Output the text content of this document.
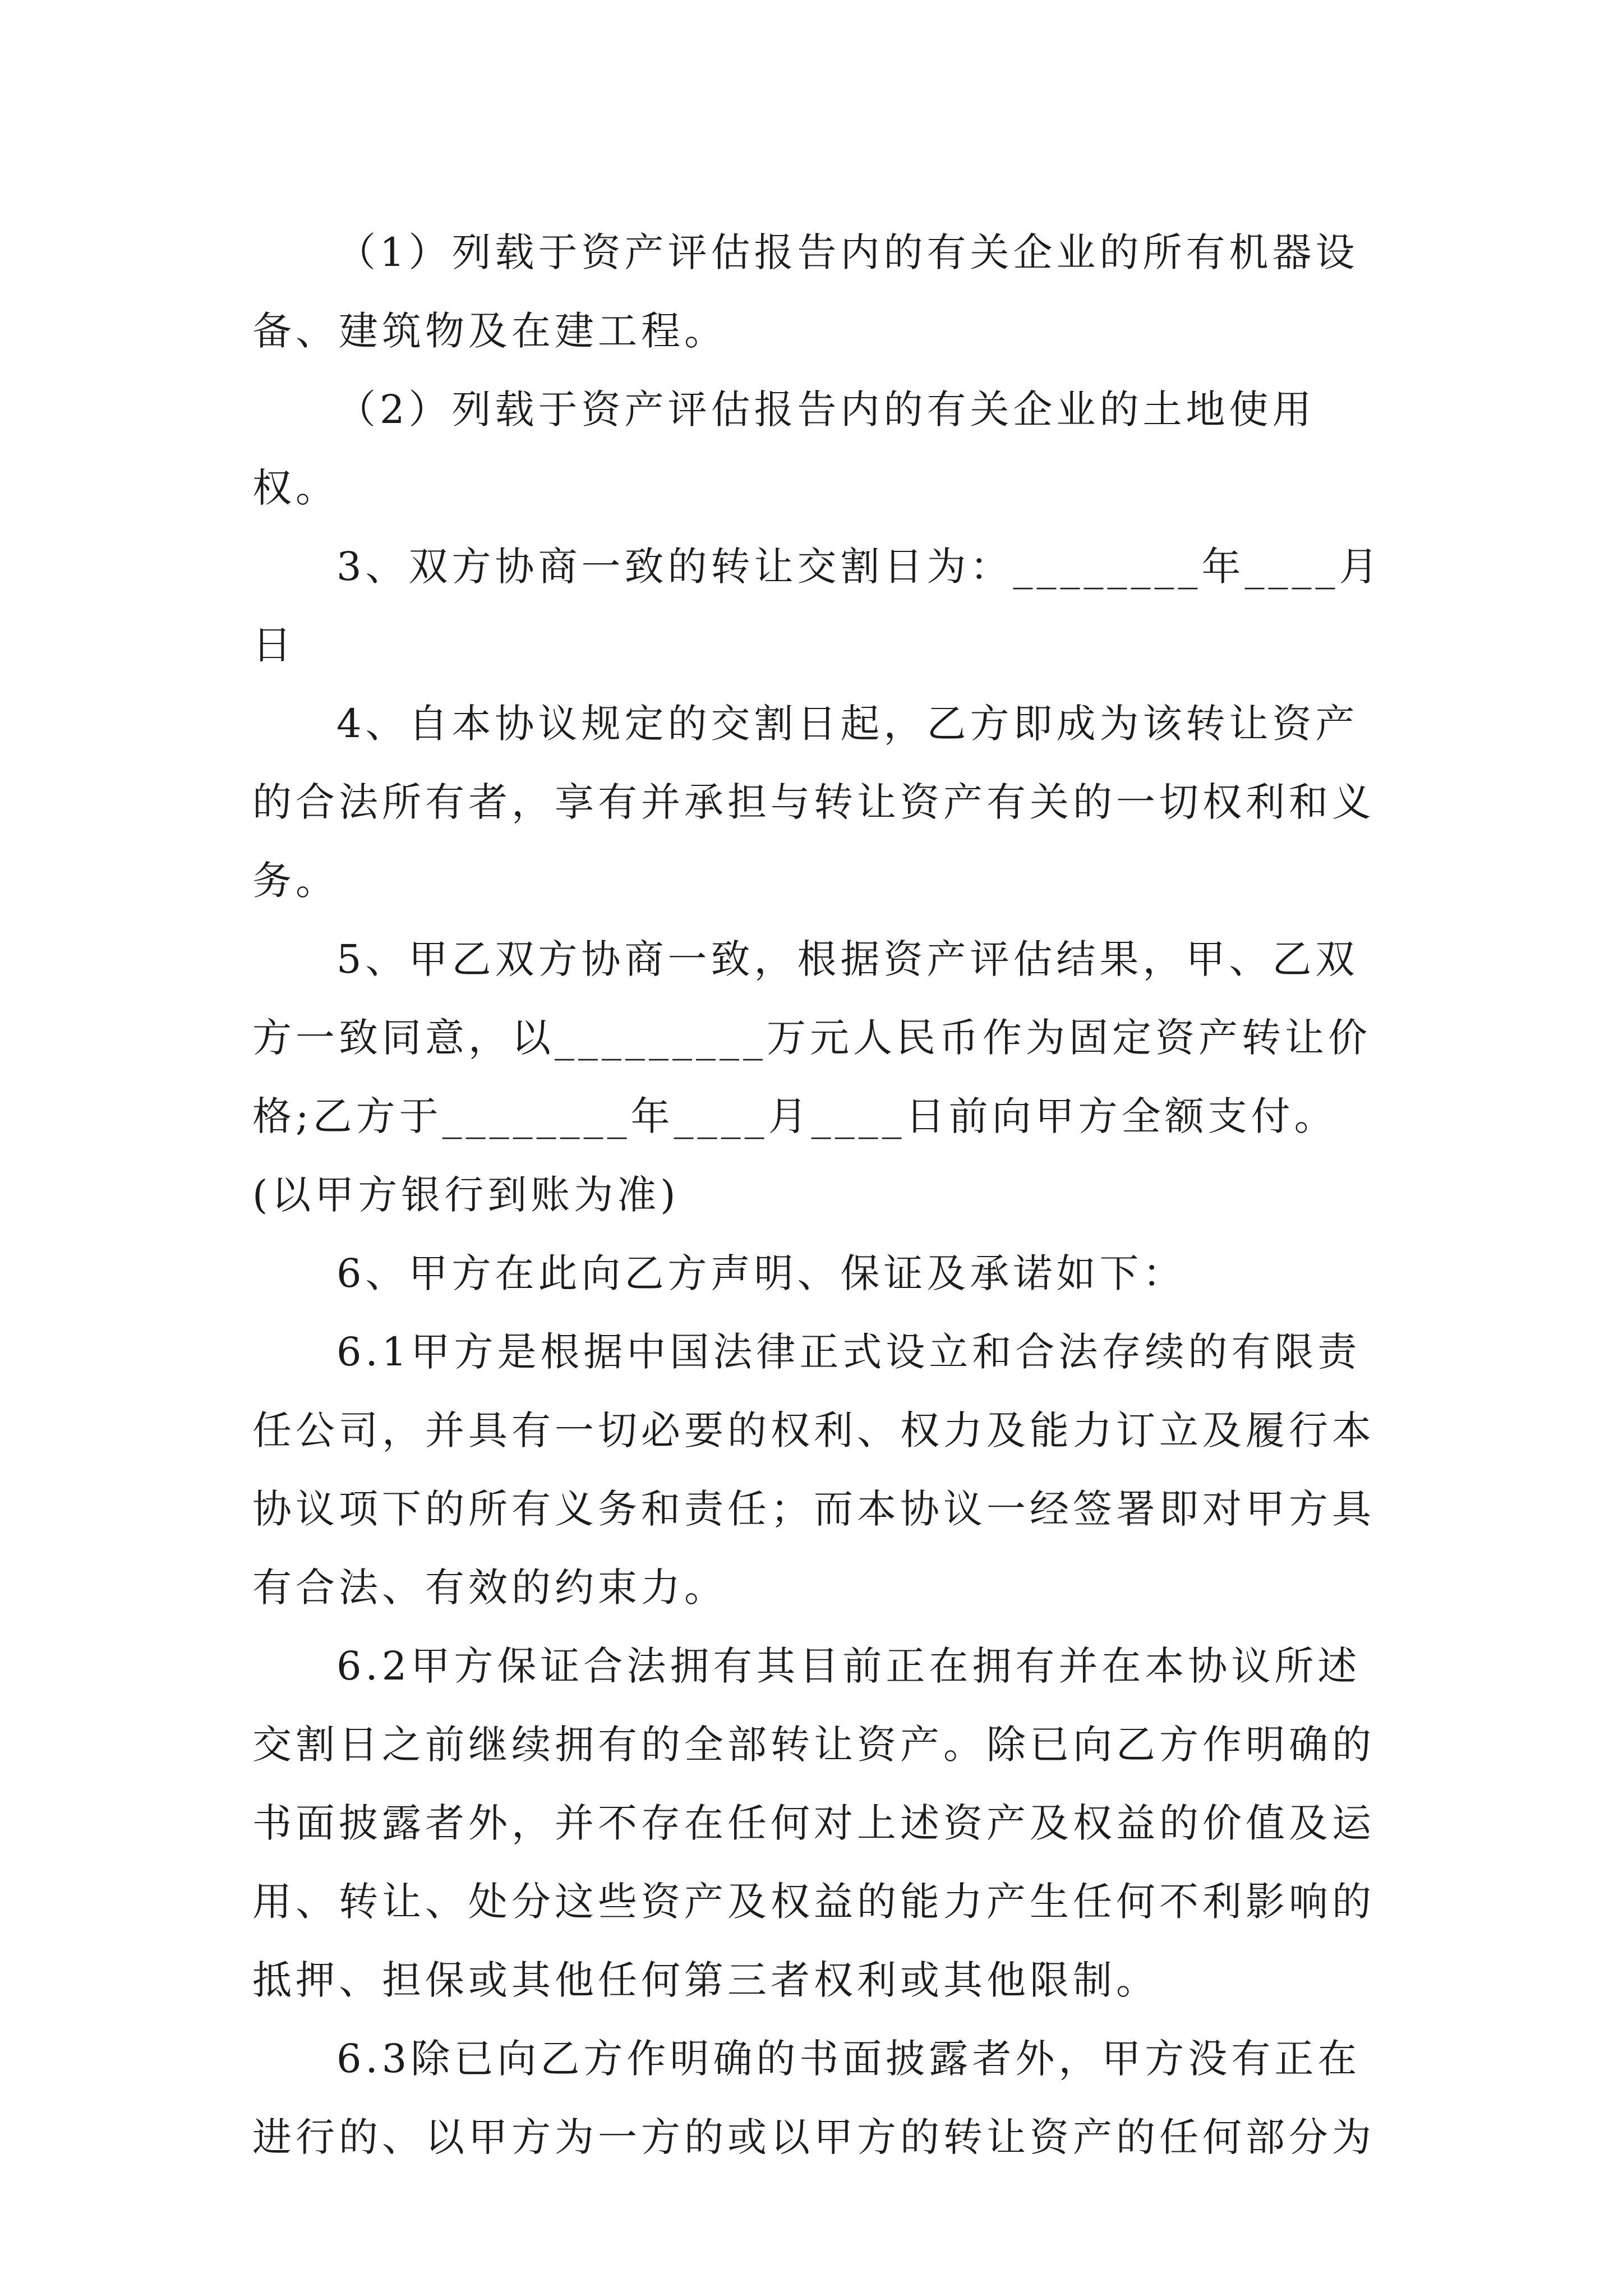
（1）列载于资产评估报告内的有关企业的所有机器设备、建筑物及在建工程。

（2）列载于资产评估报告内的有关企业的土地使用权。

3、双方协商一致的转让交割日为：________年____月日

4、自本协议规定的交割日起，乙方即成为该转让资产的合法所有者，享有并承担与转让资产有关的一切权利和义务。

5、甲乙双方协商一致，根据资产评估结果，甲、乙双方一致同意，以_________万元人民币作为固定资产转让价格;乙方于________年____月____日前向甲方全额支付。(以甲方银行到账为准)

6、甲方在此向乙方声明、保证及承诺如下：

6.1甲方是根据中国法律正式设立和合法存续的有限责任公司，并具有一切必要的权利、权力及能力订立及履行本协议项下的所有义务和责任；而本协议一经签署即对甲方具有合法、有效的约束力。

6.2甲方保证合法拥有其目前正在拥有并在本协议所述交割日之前继续拥有的全部转让资产。除已向乙方作明确的书面披露者外，并不存在任何对上述资产及权益的价值及运用、转让、处分这些资产及权益的能力产生任何不利影响的抵押、担保或其他任何第三者权利或其他限制。

6.3除已向乙方作明确的书面披露者外，甲方没有正在进行的、以甲方为一方的或以甲方的转让资产的任何部分为
